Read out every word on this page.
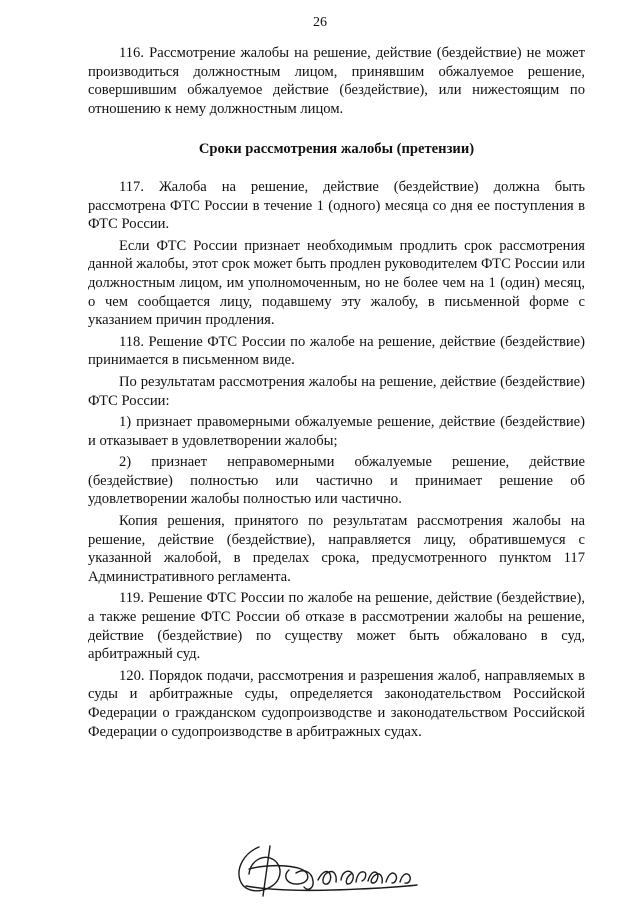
26

116. Рассмотрение жалобы на решение, действие (бездействие) не может производиться должностным лицом, принявшим обжалуемое решение, совершившим обжалуемое действие (бездействие), или нижестоящим по отношению к нему должностным лицом.

Сроки рассмотрения жалобы (претензии)

117. Жалоба на решение, действие (бездействие) должна быть рассмотрена ФТС России в течение 1 (одного) месяца со дня ее поступления в ФТС России.

Если ФТС России признает необходимым продлить срок рассмотрения данной жалобы, этот срок может быть продлен руководителем ФТС России или должностным лицом, им уполномоченным, но не более чем на 1 (один) месяц, о чем сообщается лицу, подавшему эту жалобу, в письменной форме с указанием причин продления.

118. Решение ФТС России по жалобе на решение, действие (бездействие) принимается в письменном виде.

По результатам рассмотрения жалобы на решение, действие (бездействие) ФТС России:

1) признает правомерными обжалуемые решение, действие (бездействие) и отказывает в удовлетворении жалобы;

2) признает неправомерными обжалуемые решение, действие (бездействие) полностью или частично и принимает решение об удовлетворении жалобы полностью или частично.

Копия решения, принятого по результатам рассмотрения жалобы на решение, действие (бездействие), направляется лицу, обратившемуся с указанной жалобой, в пределах срока, предусмотренного пунктом 117 Административного регламента.

119. Решение ФТС России по жалобе на решение, действие (бездействие), а также решение ФТС России об отказе в рассмотрении жалобы на решение, действие (бездействие) по существу может быть обжаловано в суд, арбитражный суд.

120. Порядок подачи, рассмотрения и разрешения жалоб, направляемых в суды и арбитражные суды, определяется законодательством Российской Федерации о гражданском судопроизводстве и законодательством Российской Федерации о судопроизводстве в арбитражных судах.
